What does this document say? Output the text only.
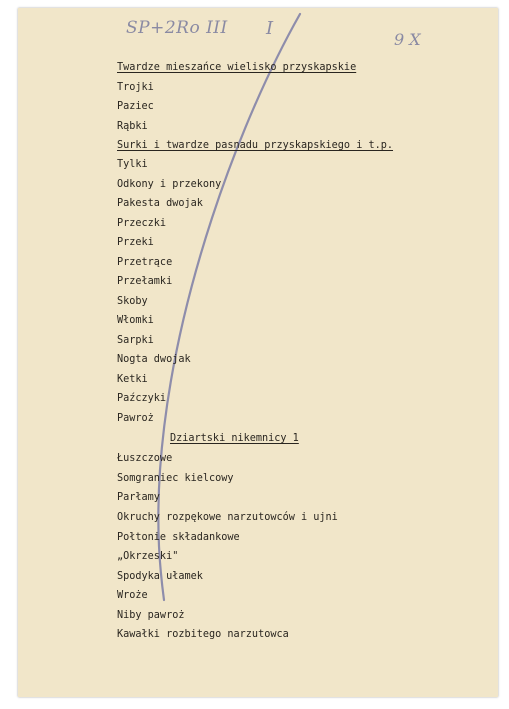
SP+2Ro III I
9 X
Twardze mieszańce wielisko przyskapskie
Trojki
Paziec
Rąbki
Surki i twardze pasnadu przyskapskiego i t.p.
Tylki
Odkony i przekony
Pakesta dwojak
Przeczki
Przeki
Przetrące
Przełamki
Skoby
Włomki
Sarpki
Nogta dwojak
Ketki
Paźczyki
Pawroż
Dziartski nikemnicy 1
Łuszczowe
Somgraniec kielcowy
Parłamy
Okruchy rozpękowe narzutowców i ujni
Połtonie składankowe
„Okrzeski"
Spodyka ułamek
Wroże
Niby pawroż
Kawałki rozbitego narzutowca
